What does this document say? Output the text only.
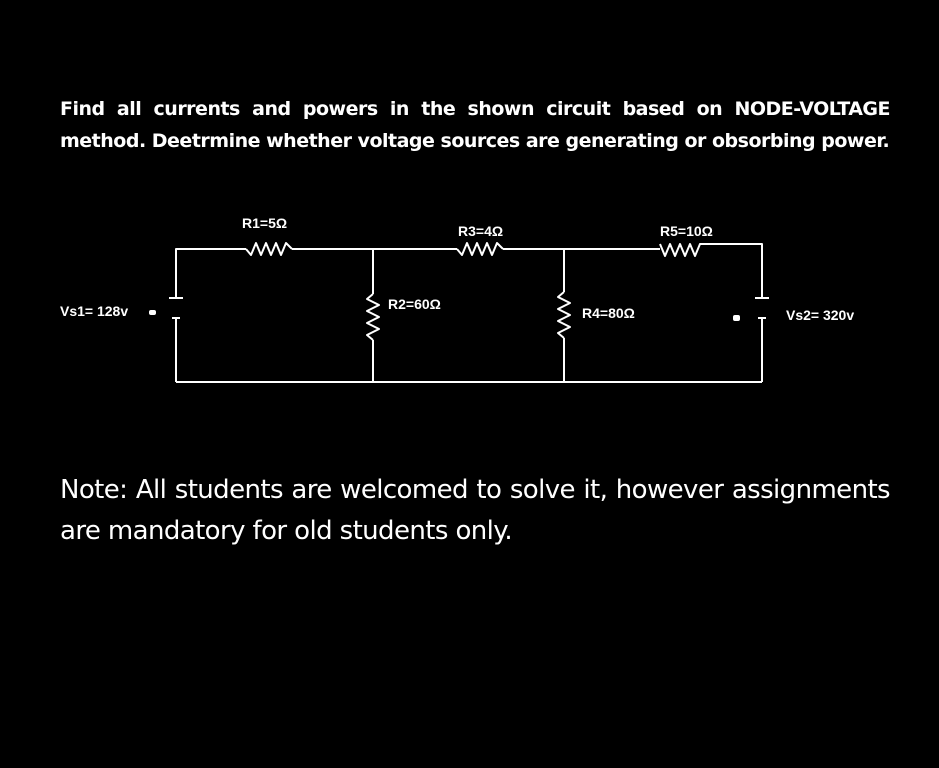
Find all currents and powers in the shown circuit based on NODE-VOLTAGE method. Deetrmine whether voltage sources are generating or obsorbing power.
R1=5Ω	R3=4Ω	R5=10Ω
R2=60Ω
R4=80Ω
Vs1= 128v	Vs2= 320v
Note: All students are welcomed to solve it, however assignments are mandatory for old students only.
